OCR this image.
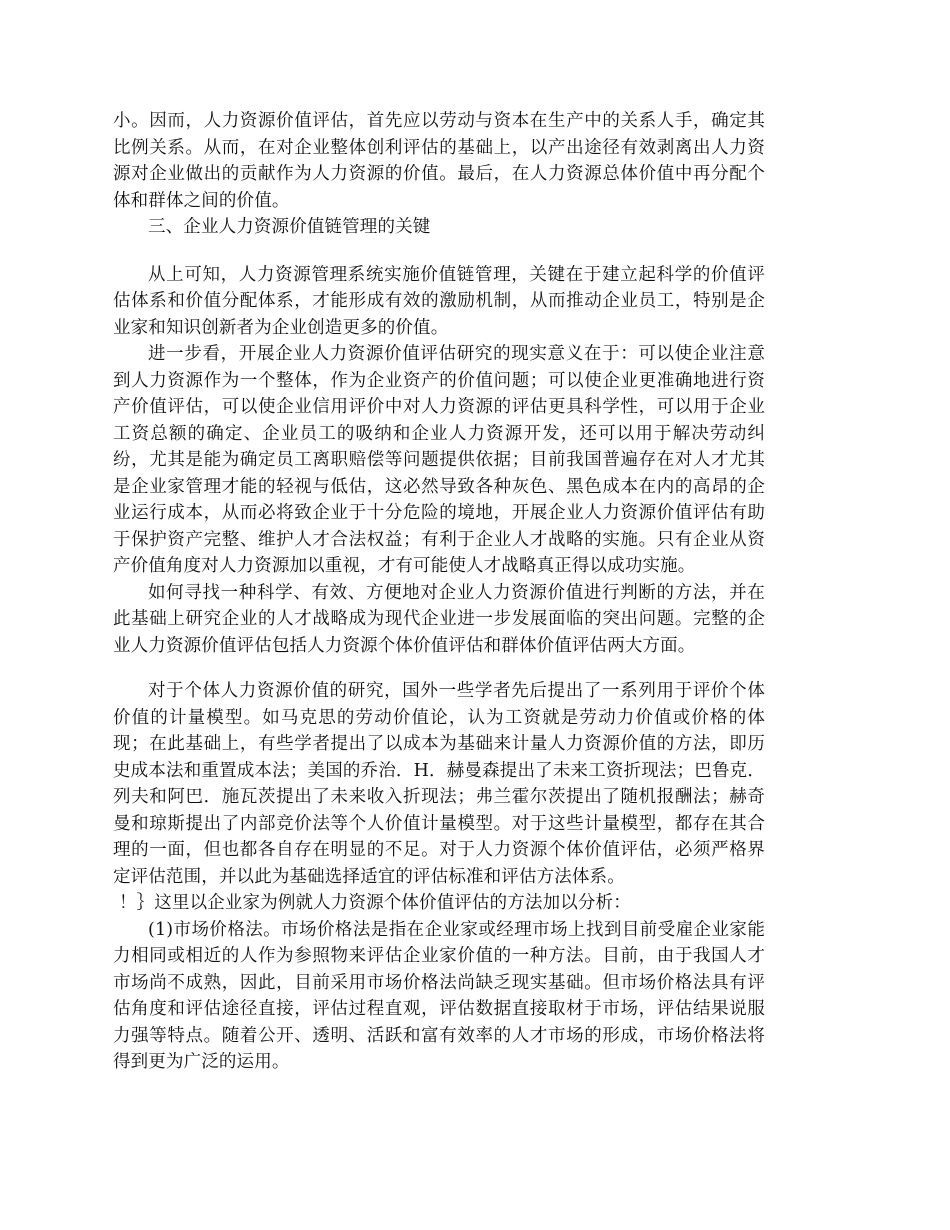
小。因而，人力资源价值评估，首先应以劳动与资本在生产中的关系人手，确定其比例关系。从而，在对企业整体创利评估的基础上，以产出途径有效剥离出人力资源对企业做出的贡献作为人力资源的价值。最后，在人力资源总体价值中再分配个体和群体之间的价值。

三、企业人力资源价值链管理的关键

从上可知，人力资源管理系统实施价值链管理，关键在于建立起科学的价值评估体系和价值分配体系，才能形成有效的激励机制，从而推动企业员工，特别是企业家和知识创新者为企业创造更多的价值。

进一步看，开展企业人力资源价值评估研究的现实意义在于：可以使企业注意到人力资源作为一个整体，作为企业资产的价值问题；可以使企业更准确地进行资产价值评估，可以使企业信用评价中对人力资源的评估更具科学性，可以用于企业工资总额的确定、企业员工的吸纳和企业人力资源开发，还可以用于解决劳动纠纷，尤其是能为确定员工离职赔偿等问题提供依据；目前我国普遍存在对人才尤其是企业家管理才能的轻视与低估，这必然导致各种灰色、黑色成本在内的高昂的企业运行成本，从而必将致企业于十分危险的境地，开展企业人力资源价值评估有助于保护资产完整、维护人才合法权益；有利于企业人才战略的实施。只有企业从资产价值角度对人力资源加以重视，才有可能使人才战略真正得以成功实施。

如何寻找一种科学、有效、方便地对企业人力资源价值进行判断的方法，并在此基础上研究企业的人才战略成为现代企业进一步发展面临的突出问题。完整的企业人力资源价值评估包括人力资源个体价值评估和群体价值评估两大方面。

对于个体人力资源价值的研究，国外一些学者先后提出了一系列用于评价个体价值的计量模型。如马克思的劳动价值论，认为工资就是劳动力价值或价格的体现；在此基础上，有些学者提出了以成本为基础来计量人力资源价值的方法，即历史成本法和重置成本法；美国的乔治．H．赫曼森提出了未来工资折现法；巴鲁克．列夫和阿巴．施瓦茨提出了未来收入折现法；弗兰霍尔茨提出了随机报酬法；赫奇曼和琼斯提出了内部竞价法等个人价值计量模型。对于这些计量模型，都存在其合理的一面，但也都各自存在明显的不足。对于人力资源个体价值评估，必须严格界定评估范围，并以此为基础选择适宜的评估标准和评估方法体系。

！｝这里以企业家为例就人力资源个体价值评估的方法加以分析：

(1)市场价格法。市场价格法是指在企业家或经理市场上找到目前受雇企业家能力相同或相近的人作为参照物来评估企业家价值的一种方法。目前，由于我国人才市场尚不成熟，因此，目前采用市场价格法尚缺乏现实基础。但市场价格法具有评估角度和评估途径直接，评估过程直观，评估数据直接取材于市场，评估结果说服力强等特点。随着公开、透明、活跃和富有效率的人才市场的形成，市场价格法将得到更为广泛的运用。
